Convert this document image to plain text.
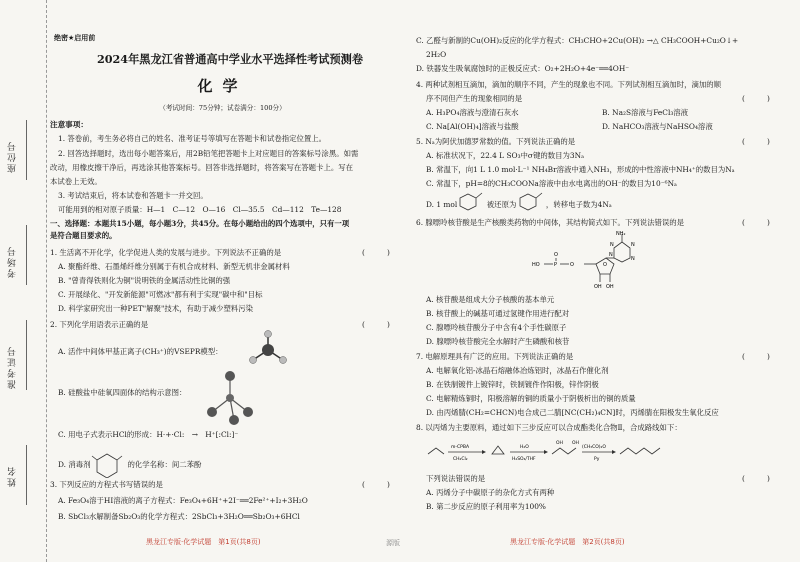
座位号
考场号
准考证号
姓名
绝密★启用前
2024年黑龙江省普通高中学业水平选择性考试预测卷
化学
（考试时间：75分钟；试卷满分：100分）
注意事项：
1. 答卷前，考生务必将自己的姓名、准考证号等填写在答题卡和试卷指定位置上。
2. 回答选择题时，选出每小题答案后，用2B铅笔把答题卡上对应题目的答案标号涂黑。如需
改动，用橡皮擦干净后，再选涂其他答案标号。回答非选择题时，将答案写在答题卡上。写在
本试卷上无效。
3. 考试结束后，将本试卷和答题卡一并交回。
可能用到的相对原子质量：H—1　C—12　O—16　Cl—35.5　Cd—112　Te—128
一、选择题：本题共15小题，每小题3分，共45分。在每小题给出的四个选项中，只有一项
是符合题目要求的。
1. 生活离不开化学，化学促进人类的发展与进步。下列说法不正确的是	(　　　)
A. 聚酯纤维、石墨烯纤维分别属于有机合成材料、新型无机非金属材料
B. "曾青得铁则化为铜"说明铁的金属活动性比铜的强
C. 开展绿化、"开发新能源"可燃冰"都有利于实现"碳中和"目标
D. 科学家研究出一种PET"解聚"技术，有助于减少塑料污染
2. 下列化学用语表示正确的是	(　　　)
A. 活作中间体甲基正离子(CH₃⁺)的VSEPR模型：
B. 硅酸盐中硅氧四面体的结构示意图：
C. 用电子式表示HCl的形成：H·+·Cl:　→　H⁺[:Cl:]⁻
D. 消毒剂　　　　　的化学名称：间二苯酚
3. 下列反应的方程式书写错误的是	(　　　)
A. Fe₃O₄溶于HI溶液的离子方程式：Fe₃O₄+6H⁺+2I⁻══2Fe²⁺+I₂+3H₂O
B. SbCl₃水解制备Sb₂O₃的化学方程式：2SbCl₃+3H₂O══Sb₂O₃+6HCl
黑龙江专版·化学试题　第1页(共8页)	源版
C. 乙醛与新制的Cu(OH)₂反应的化学方程式：CH₃CHO+2Cu(OH)₂ →△ CH₃COOH+Cu₂O↓+
2H₂O
D. 铁器发生吸氧腐蚀时的正极反应式：O₂+2H₂O+4e⁻══4OH⁻
4. 两种试剂相互滴加，滴加的顺序不同，产生的现象也不同。下列试剂相互滴加时，滴加的顺
序不同但产生的现象相同的是	(　　　)
A. H₃PO₄溶液与澄清石灰水	B. Na₂S溶液与FeCl₃溶液
C. Na[Al(OH)₄]溶液与盐酸	D. NaHCO₃溶液与NaHSO₄溶液
5. Nₐ为阿伏加德罗常数的值。下列说法正确的是	(　　　)
A. 标准状况下，22.4 L SO₃中σ键的数目为3Nₐ
B. 常温下，向1 L 1.0 mol·L⁻¹ NH₄Br溶液中通入NH₃，形成的中性溶液中NH₄⁺的数目为Nₐ
C. 常温下，pH=8的CH₃COONa溶液中由水电离出的OH⁻的数目为10⁻⁶Nₐ
D. 1 mol　　　　被还原为　　　　，转移电子数为4Nₐ
6. 腺嘌呤核苷酸是生产核酸类药物的中间体，其结构简式如下。下列说法错误的是	(　　　)
NH₂
N	N
N
N
O
OH OH
HO	P
O
O
A. 核苷酸是组成大分子核酸的基本单元
B. 核苷酸上的碱基可通过氢键作用进行配对
C. 腺嘌呤核苷酸分子中含有4个手性碳原子
D. 腺嘌呤核苷酸完全水解时产生磷酸和核苷
7. 电解原理具有广泛的应用。下列说法正确的是	(　　　)
A. 电解氧化铝-冰晶石熔融体冶炼铝时，冰晶石作催化剂
B. 在铁制镀件上镀锌时，铁制镀件作阳极，锌作阴极
C. 电解精炼铜时，阳极溶解的铜的质量小于阴极析出的铜的质量
D. 由丙烯腈(CH₂=CHCN)电合成己二腈[NC(CH₂)₄CN]时，丙烯腈在阳极发生氧化反应
8. 以丙烯为主要原料，通过如下三步反应可以合成酯类化合物Ⅱ，合成路线如下：
m-CPBA
CH₂Cl₂
H₂O
H₂SO₄/THF
OH OH
(CH₃CO)₂O
Py
下列说法错误的是	(　　　)
A. 丙烯分子中碳原子的杂化方式有两种
B. 第二步反应的原子利用率为100%
黑龙江专版·化学试题　第2页(共8页)
